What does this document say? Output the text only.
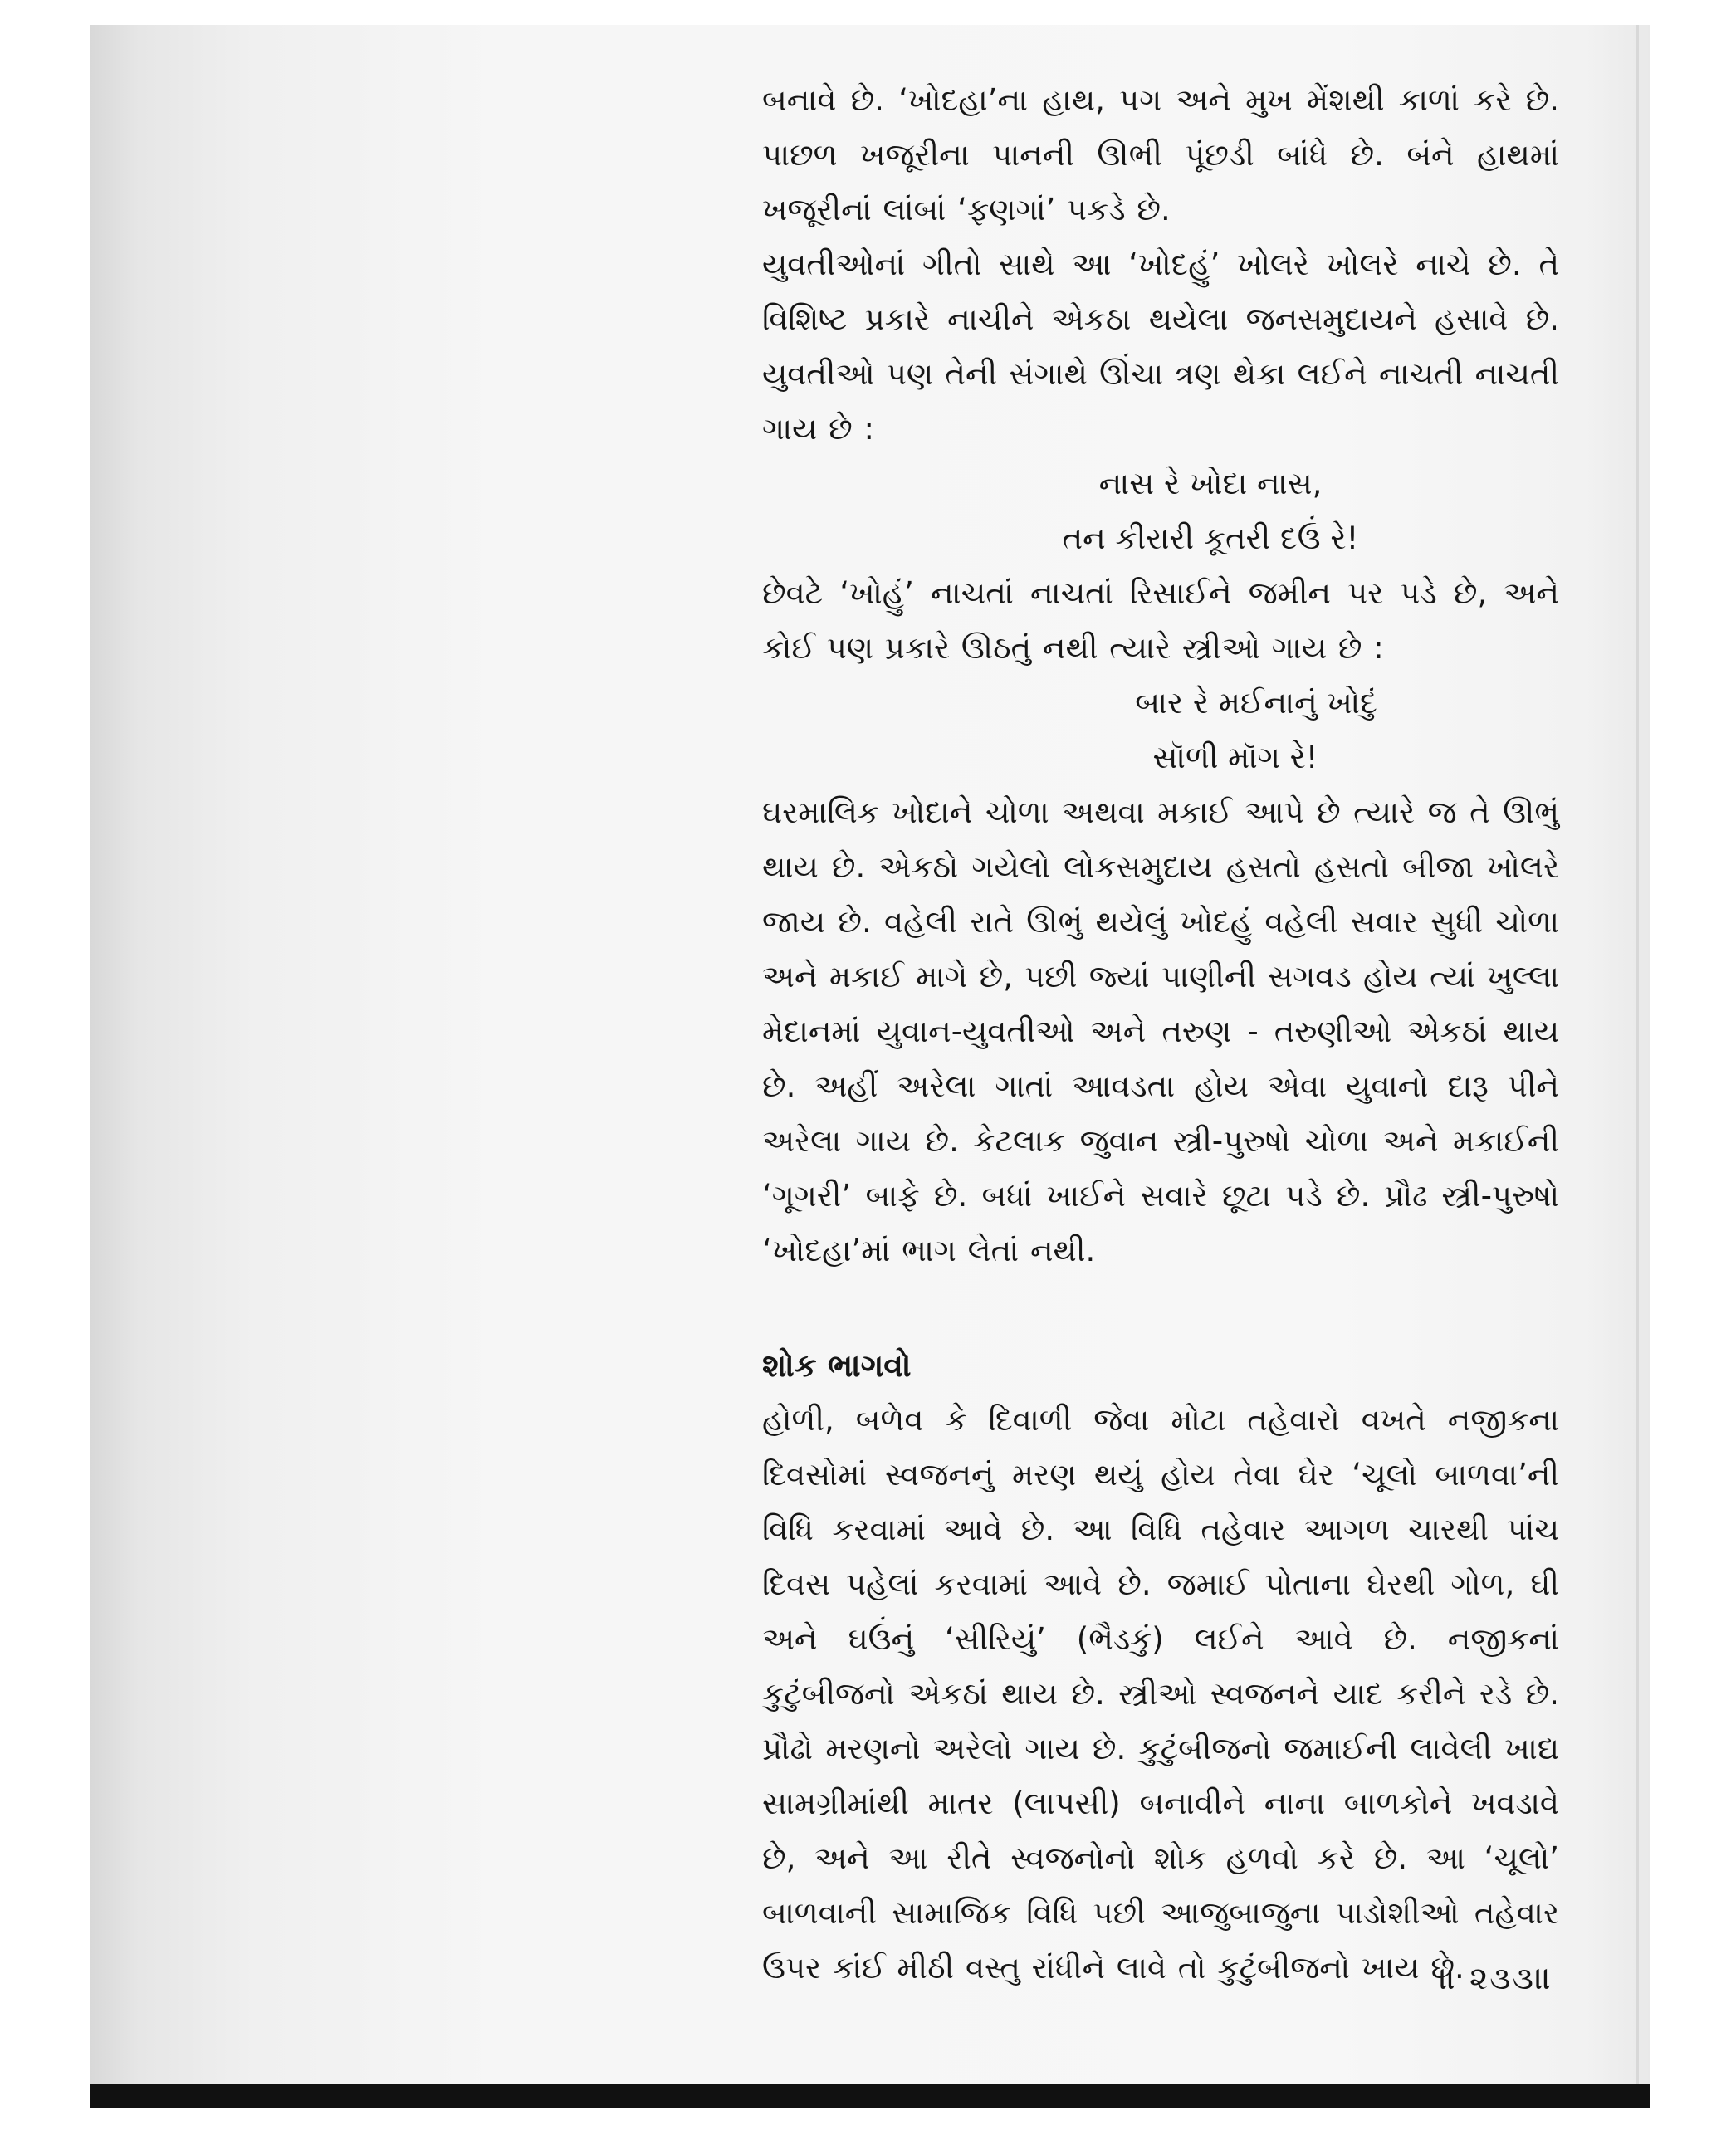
બનાવે છે. ‘ખોદહા’ના હાથ, પગ અને મુખ મેંશથી કાળાં કરે છે. પાછળ ખજૂરીના પાનની ઊભી પૂંછડી બાંધે છે. બંને હાથમાં ખજૂરીનાં લાંબાં ‘ફણગાં’ પકડે છે.

યુવતીઓનાં ગીતો સાથે આ ‘ખોદહું’ ખોલરે ખોલરે નાચે છે. તે વિશિષ્ટ પ્રકારે નાચીને એકઠા થયેલા જનસમુદાયને હસાવે છે. યુવતીઓ પણ તેની સંગાથે ઊંચા ત્રણ થેકા લઈને નાચતી નાચતી ગાય છે :

નાસ રે ખોદા નાસ,
તન કીરારી કૂતરી દઉં રે!

છેવટે ‘ખોહું’ નાચતાં નાચતાં રિસાઈને જમીન પર પડે છે, અને કોઈ પણ પ્રકારે ઊઠતું નથી ત્યારે સ્ત્રીઓ ગાય છે :

બાર રે મઈનાનું ખોદું
સૉળી મૉગ રે!

ઘરમાલિક ખોદાને ચોળા અથવા મકાઈ આપે છે ત્યારે જ તે ઊભું થાય છે. એકઠો ગયેલો લોકસમુદાય હસતો હસતો બીજા ખોલરે જાય છે. વહેલી રાતે ઊભું થયેલું ખોદહું વહેલી સવાર સુધી ચોળા અને મકાઈ માગે છે, પછી જ્યાં પાણીની સગવડ હોય ત્યાં ખુલ્લા મેદાનમાં યુવાન-યુવતીઓ અને તરુણ - તરુણીઓ એકઠાં થાય છે. અહીં અરેલા ગાતાં આવડતા હોય એવા યુવાનો દારૂ પીને અરેલા ગાય છે. કેટલાક જુવાન સ્ત્રી-પુરુષો ચોળા અને મકાઈની ‘ગૂગરી’ બાફે છે. બધાં ખાઈને સવારે છૂટા પડે છે. પ્રૌઢ સ્ત્રી-પુરુષો ‘ખોદહા’માં ભાગ લેતાં નથી.

શોક ભાગવો

હોળી, બળેવ કે દિવાળી જેવા મોટા તહેવારો વખતે નજીકના દિવસોમાં સ્વજનનું મરણ થયું હોય તેવા ઘેર ‘ચૂલો બાળવા’ની વિધિ કરવામાં આવે છે. આ વિધિ તહેવાર આગળ ચારથી પાંચ દિવસ પહેલાં કરવામાં આવે છે. જમાઈ પોતાના ઘેરથી ગોળ, ઘી અને ઘઉંનું ‘સીરિયું’ (ભૈડકું) લઈને આવે છે. નજીકનાં કુટુંબીજનો એકઠાં થાય છે. સ્ત્રીઓ સ્વજનને યાદ કરીને રડે છે. પ્રૌઢો મરણનો અરેલો ગાય છે. કુટુંબીજનો જમાઈની લાવેલી ખાદ્ય સામગ્રીમાંથી માતર (લાપસી) બનાવીને નાના બાળકોને ખવડાવે છે, અને આ રીતે સ્વજનોનો શોક હળવો કરે છે. આ ‘ચૂલો’ બાળવાની સામાજિક વિધિ પછી આજુબાજુના પાડોશીઓ તહેવાર ઉપર કાંઈ મીઠી વસ્તુ રાંધીને લાવે તો કુટુંબીજનો ખાય છે.

॥ ૨૩૩॥
